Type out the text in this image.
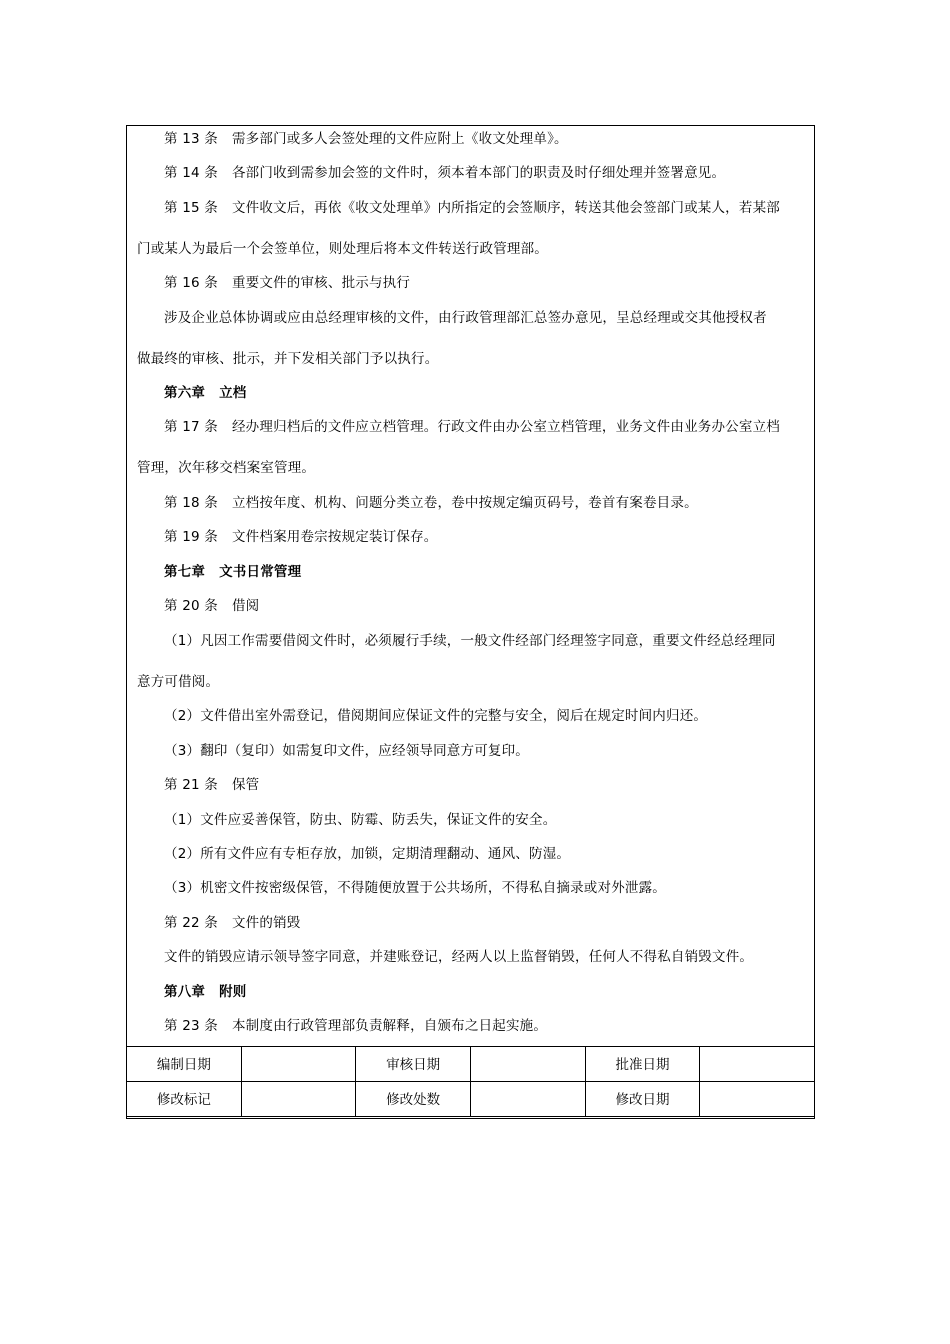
第 13 条 需多部门或多人会签处理的文件应附上《收文处理单》。
第 14 条 各部门收到需参加会签的文件时，须本着本部门的职责及时仔细处理并签署意见。
第 15 条 文件收文后，再依《收文处理单》内所指定的会签顺序，转送其他会签部门或某人，若某部
门或某人为最后一个会签单位，则处理后将本文件转送行政管理部。
第 16 条 重要文件的审核、批示与执行
涉及企业总体协调或应由总经理审核的文件，由行政管理部汇总签办意见，呈总经理或交其他授权者
做最终的审核、批示，并下发相关部门予以执行。
第六章 立档
第 17 条 经办理归档后的文件应立档管理。行政文件由办公室立档管理，业务文件由业务办公室立档
管理，次年移交档案室管理。
第 18 条 立档按年度、机构、问题分类立卷，卷中按规定编页码号，卷首有案卷目录。
第 19 条 文件档案用卷宗按规定装订保存。
第七章 文书日常管理
第 20 条 借阅
（1）凡因工作需要借阅文件时，必须履行手续，一般文件经部门经理签字同意，重要文件经总经理同
意方可借阅。
（2）文件借出室外需登记，借阅期间应保证文件的完整与安全，阅后在规定时间内归还。
（3）翻印（复印）如需复印文件，应经领导同意方可复印。
第 21 条 保管
（1）文件应妥善保管，防虫、防霉、防丢失，保证文件的安全。
（2）所有文件应有专柜存放，加锁，定期清理翻动、通风、防湿。
（3）机密文件按密级保管，不得随便放置于公共场所，不得私自摘录或对外泄露。
第 22 条 文件的销毁
文件的销毁应请示领导签字同意，并建账登记，经两人以上监督销毁，任何人不得私自销毁文件。
第八章 附则
第 23 条 本制度由行政管理部负责解释，自颁布之日起实施。
编制日期		审核日期		批准日期	
修改标记		修改处数		修改日期	
